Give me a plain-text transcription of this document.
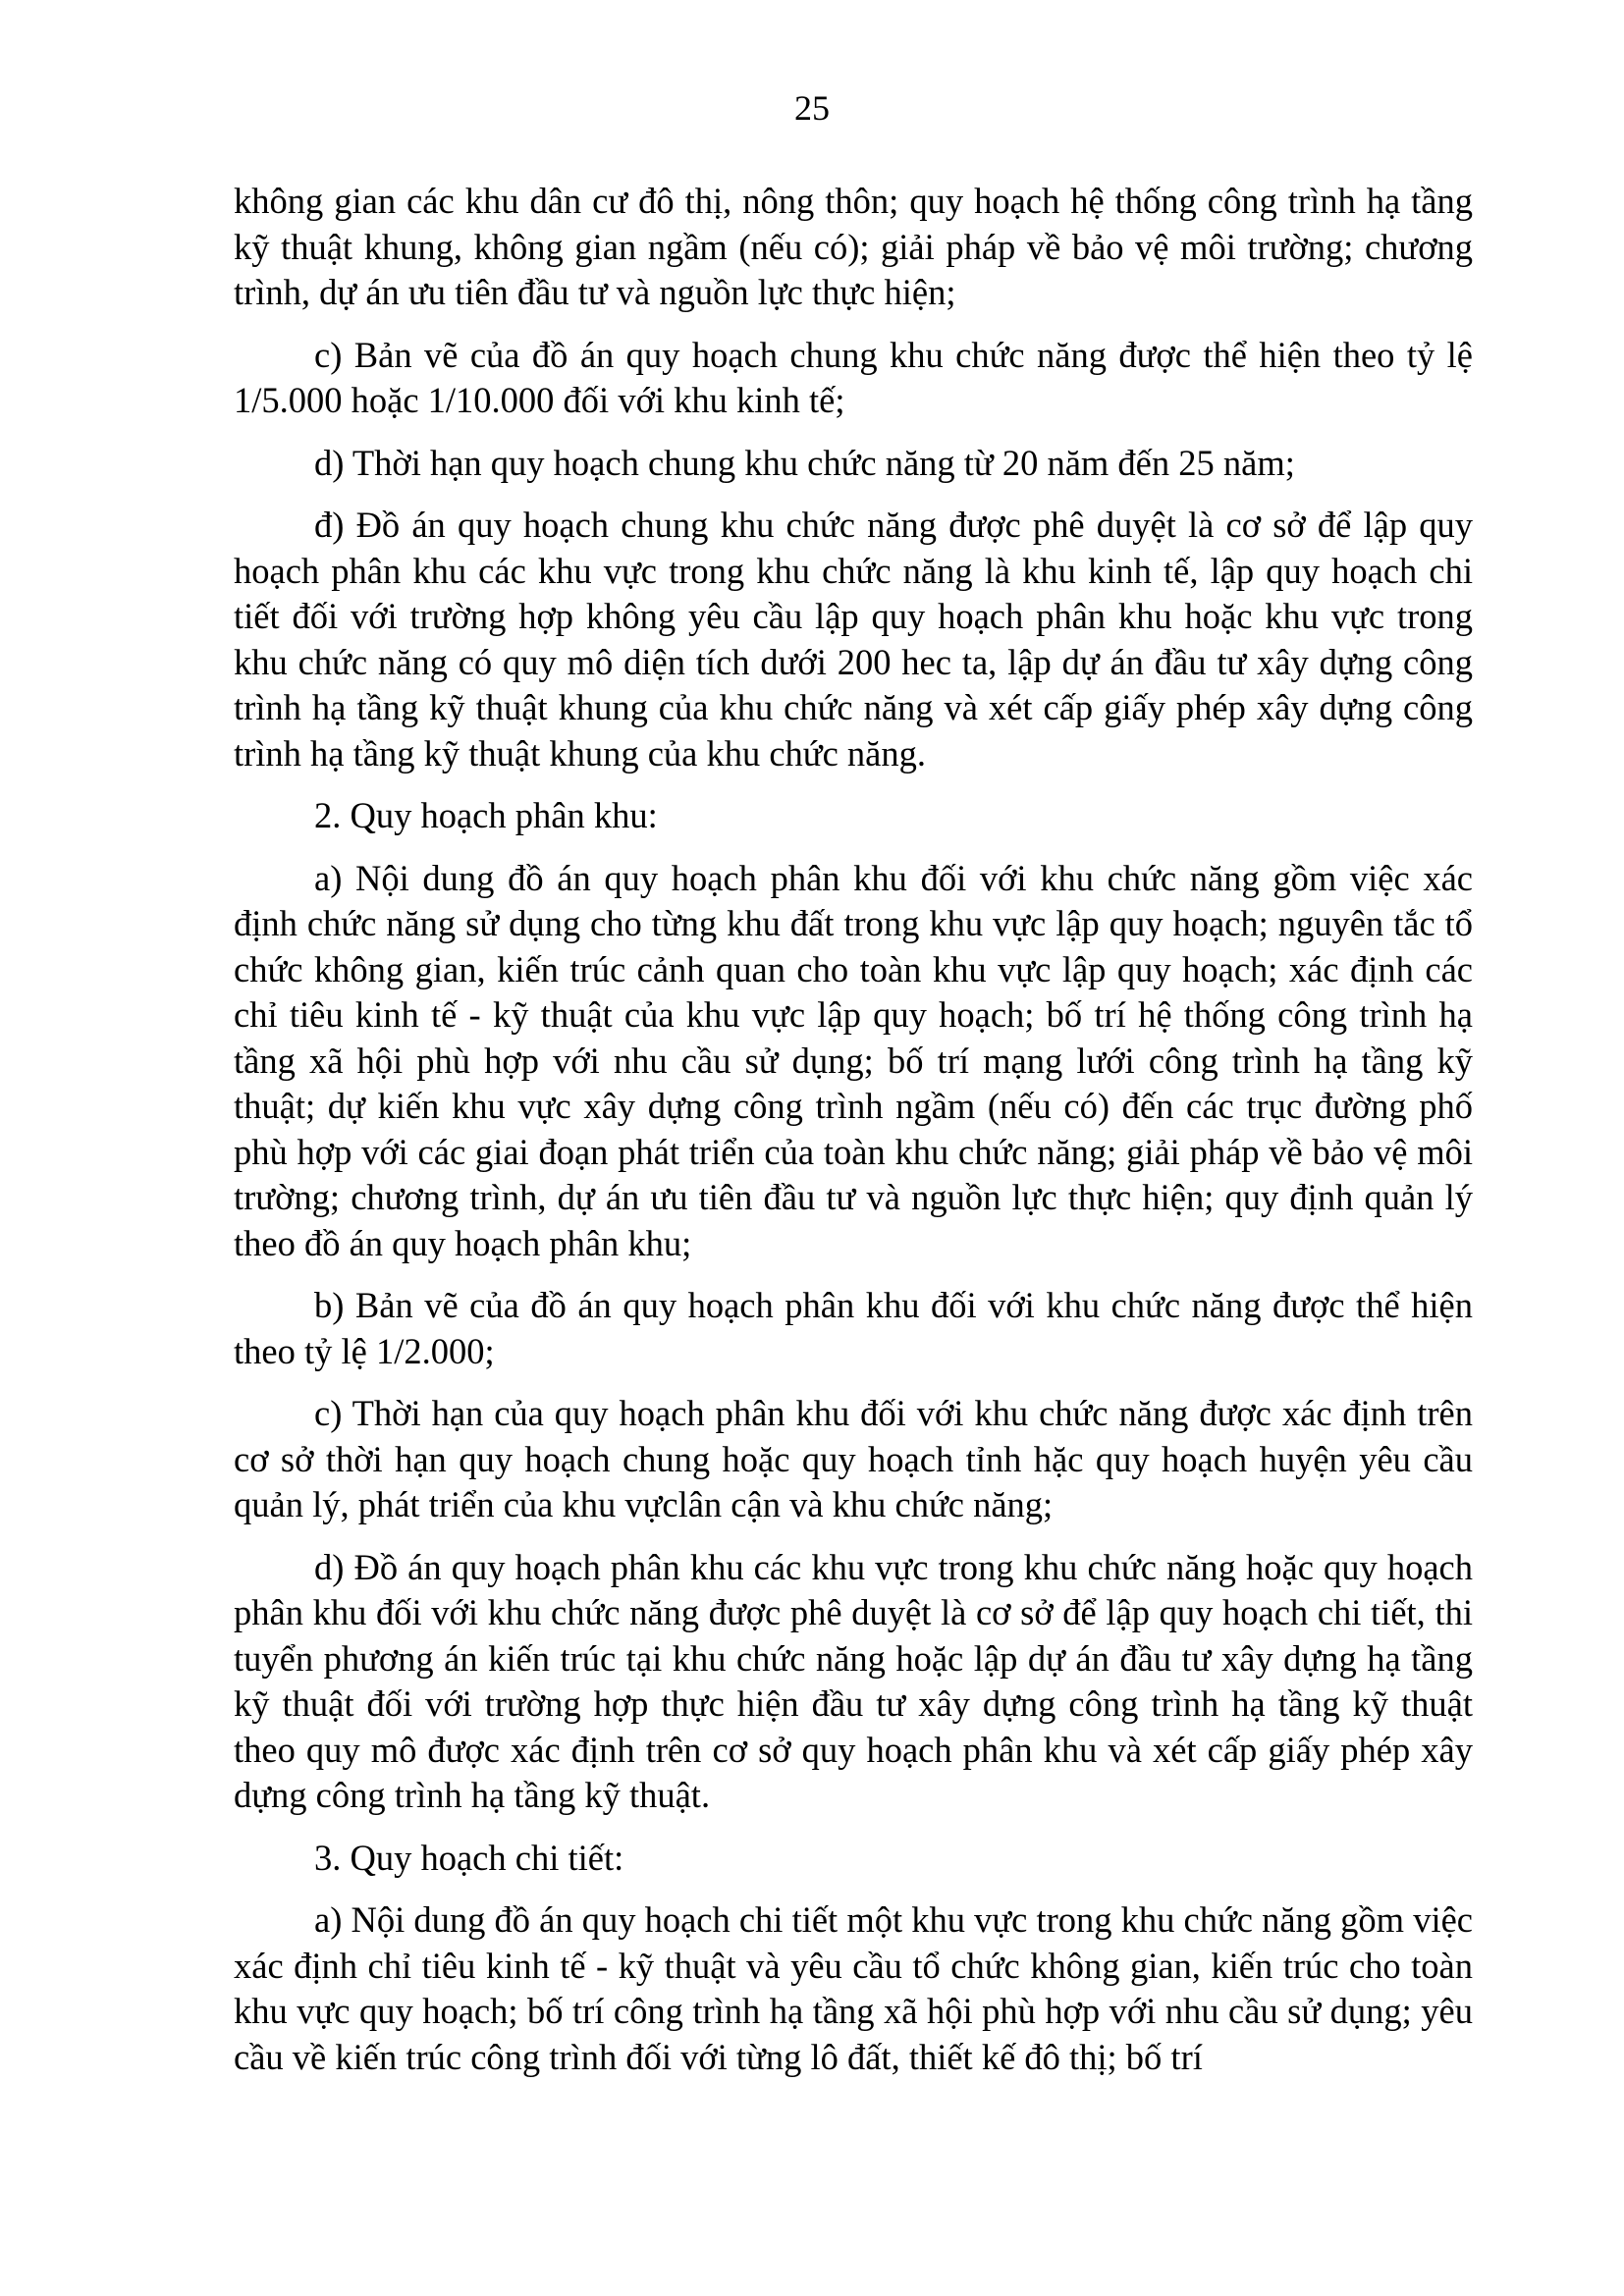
25

không gian các khu dân cư đô thị, nông thôn; quy hoạch hệ thống công trình hạ tầng kỹ thuật khung, không gian ngầm (nếu có); giải pháp về bảo vệ môi trường; chương trình, dự án ưu tiên đầu tư và nguồn lực thực hiện;

c) Bản vẽ của đồ án quy hoạch chung khu chức năng được thể hiện theo tỷ lệ 1/5.000 hoặc 1/10.000 đối với khu kinh tế;

d) Thời hạn quy hoạch chung khu chức năng từ 20 năm đến 25 năm;

đ) Đồ án quy hoạch chung khu chức năng được phê duyệt là cơ sở để lập quy hoạch phân khu các khu vực trong khu chức năng là khu kinh tế, lập quy hoạch chi tiết đối với trường hợp không yêu cầu lập quy hoạch phân khu hoặc khu vực trong khu chức năng có quy mô diện tích dưới 200 hec ta, lập dự án đầu tư xây dựng công trình hạ tầng kỹ thuật khung của khu chức năng và xét cấp giấy phép xây dựng công trình hạ tầng kỹ thuật khung của khu chức năng.

2. Quy hoạch phân khu:

a) Nội dung đồ án quy hoạch phân khu đối với khu chức năng gồm việc xác định chức năng sử dụng cho từng khu đất trong khu vực lập quy hoạch; nguyên tắc tổ chức không gian, kiến trúc cảnh quan cho toàn khu vực lập quy hoạch; xác định các chỉ tiêu kinh tế - kỹ thuật của khu vực lập quy hoạch; bố trí hệ thống công trình hạ tầng xã hội phù hợp với nhu cầu sử dụng; bố trí mạng lưới công trình hạ tầng kỹ thuật; dự kiến khu vực xây dựng công trình ngầm (nếu có) đến các trục đường phố phù hợp với các giai đoạn phát triển của toàn khu chức năng; giải pháp về bảo vệ môi trường; chương trình, dự án ưu tiên đầu tư và nguồn lực thực hiện; quy định quản lý theo đồ án quy hoạch phân khu;

b) Bản vẽ của đồ án quy hoạch phân khu đối với khu chức năng được thể hiện theo tỷ lệ 1/2.000;

c) Thời hạn của quy hoạch phân khu đối với khu chức năng được xác định trên cơ sở thời hạn quy hoạch chung hoặc quy hoạch tỉnh hặc quy hoạch huyện yêu cầu quản lý, phát triển của khu vựclân cận và khu chức năng;

d) Đồ án quy hoạch phân khu các khu vực trong khu chức năng hoặc quy hoạch phân khu đối với khu chức năng được phê duyệt là cơ sở để lập quy hoạch chi tiết, thi tuyển phương án kiến trúc tại khu chức năng hoặc lập dự án đầu tư xây dựng hạ tầng kỹ thuật đối với trường hợp thực hiện đầu tư xây dựng công trình hạ tầng kỹ thuật theo quy mô được xác định trên cơ sở quy hoạch phân khu và xét cấp giấy phép xây dựng công trình hạ tầng kỹ thuật.

3. Quy hoạch chi tiết:

a) Nội dung đồ án quy hoạch chi tiết một khu vực trong khu chức năng gồm việc xác định chỉ tiêu kinh tế - kỹ thuật và yêu cầu tổ chức không gian, kiến trúc cho toàn khu vực quy hoạch; bố trí công trình hạ tầng xã hội phù hợp với nhu cầu sử dụng; yêu cầu về kiến trúc công trình đối với từng lô đất, thiết kế đô thị; bố trí
